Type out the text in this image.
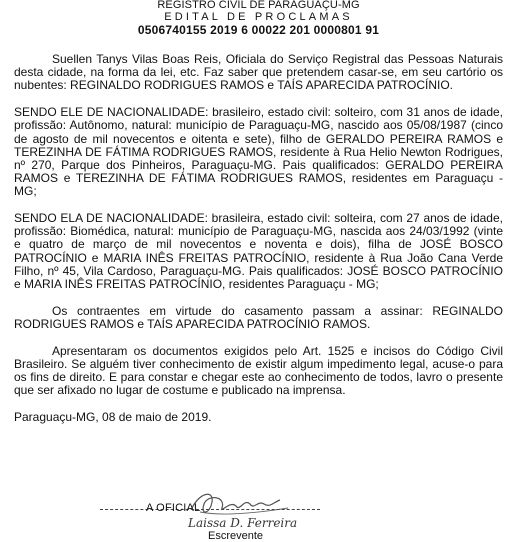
REGISTRO CIVIL DE PARAGUAÇU-MG
EDITAL DE PROCLAMAS
0506740155 2019 6 00022 201 0000801 91

Suellen Tanys Vilas Boas Reis, Oficiala do Serviço Registral das Pessoas Naturais desta cidade, na forma da lei, etc. Faz saber que pretendem casar-se, em seu cartório os nubentes: REGINALDO RODRIGUES RAMOS e TAÍS APARECIDA PATROCÍNIO.

SENDO ELE DE NACIONALIDADE: brasileiro, estado civil: solteiro, com 31 anos de idade, profissão: Autônomo, natural: município de Paraguaçu-MG, nascido aos 05/08/1987 (cinco de agosto de mil novecentos e oitenta e sete), filho de GERALDO PEREIRA RAMOS e TEREZINHA DE FÁTIMA RODRIGUES RAMOS, residente à Rua Helio Newton Rodrigues, nº 270, Parque dos Pinheiros, Paraguaçu-MG. Pais qualificados: GERALDO PEREIRA RAMOS e TEREZINHA DE FÁTIMA RODRIGUES RAMOS, residentes em Paraguaçu - MG;

SENDO ELA DE NACIONALIDADE: brasileira, estado civil: solteira, com 27 anos de idade, profissão: Biomédica, natural: município de Paraguaçu-MG, nascida aos 24/03/1992 (vinte e quatro de março de mil novecentos e noventa e dois), filha de JOSÉ BOSCO PATROCÍNIO e MARIA INÊS FREITAS PATROCÍNIO, residente à Rua João Cana Verde Filho, nº 45, Vila Cardoso, Paraguaçu-MG. Pais qualificados: JOSÉ BOSCO PATROCÍNIO e MARIA INÊS FREITAS PATROCÍNIO, residentes Paraguaçu - MG;

Os contraentes em virtude do casamento passam a assinar: REGINALDO RODRIGUES RAMOS e TAÍS APARECIDA PATROCÍNIO RAMOS.

Apresentaram os documentos exigidos pelo Art. 1525 e incisos do Código Civil Brasileiro. Se alguém tiver conhecimento de existir algum impedimento legal, acuse-o para os fins de direito. E para constar e chegar este ao conhecimento de todos, lavro o presente que ser afixado no lugar de costume e publicado na imprensa.

Paraguaçu-MG, 08 de maio de 2019.

A OFICIAL
Laissa D. Ferreira
Escrevente
